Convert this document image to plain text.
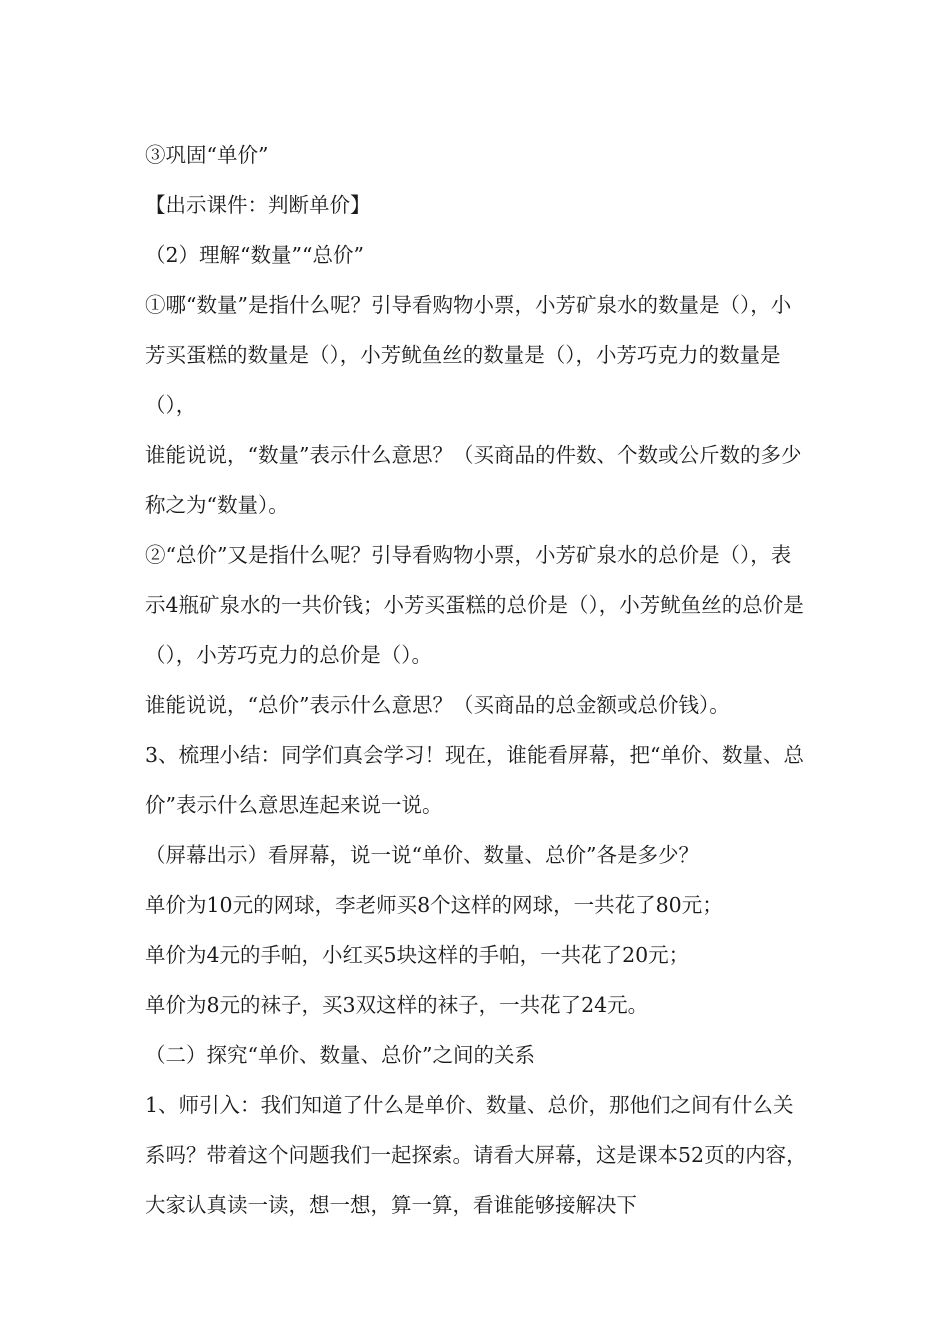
③巩固“单价”

【出示课件：判断单价】

（2）理解“数量”“总价”

①哪“数量”是指什么呢？引导看购物小票，小芳矿泉水的数量是（），小芳买蛋糕的数量是（），小芳鱿鱼丝的数量是（），小芳巧克力的数量是（），

谁能说说，“数量”表示什么意思？（买商品的件数、个数或公斤数的多少称之为“数量）。

②“总价”又是指什么呢？引导看购物小票，小芳矿泉水的总价是（），表示4瓶矿泉水的一共价钱；小芳买蛋糕的总价是（），小芳鱿鱼丝的总价是（），小芳巧克力的总价是（）。

谁能说说，“总价”表示什么意思？（买商品的总金额或总价钱）。

3、梳理小结：同学们真会学习！现在，谁能看屏幕，把“单价、数量、总价”表示什么意思连起来说一说。

（屏幕出示）看屏幕，说一说“单价、数量、总价”各是多少？

单价为10元的网球，李老师买8个这样的网球，一共花了80元；

单价为4元的手帕，小红买5块这样的手帕，一共花了20元；

单价为8元的袜子，买3双这样的袜子，一共花了24元。

（二）探究“单价、数量、总价”之间的关系

1、师引入：我们知道了什么是单价、数量、总价，那他们之间有什么关系吗？带着这个问题我们一起探索。请看大屏幕，这是课本52页的内容，大家认真读一读，想一想，算一算，看谁能够接解决下
